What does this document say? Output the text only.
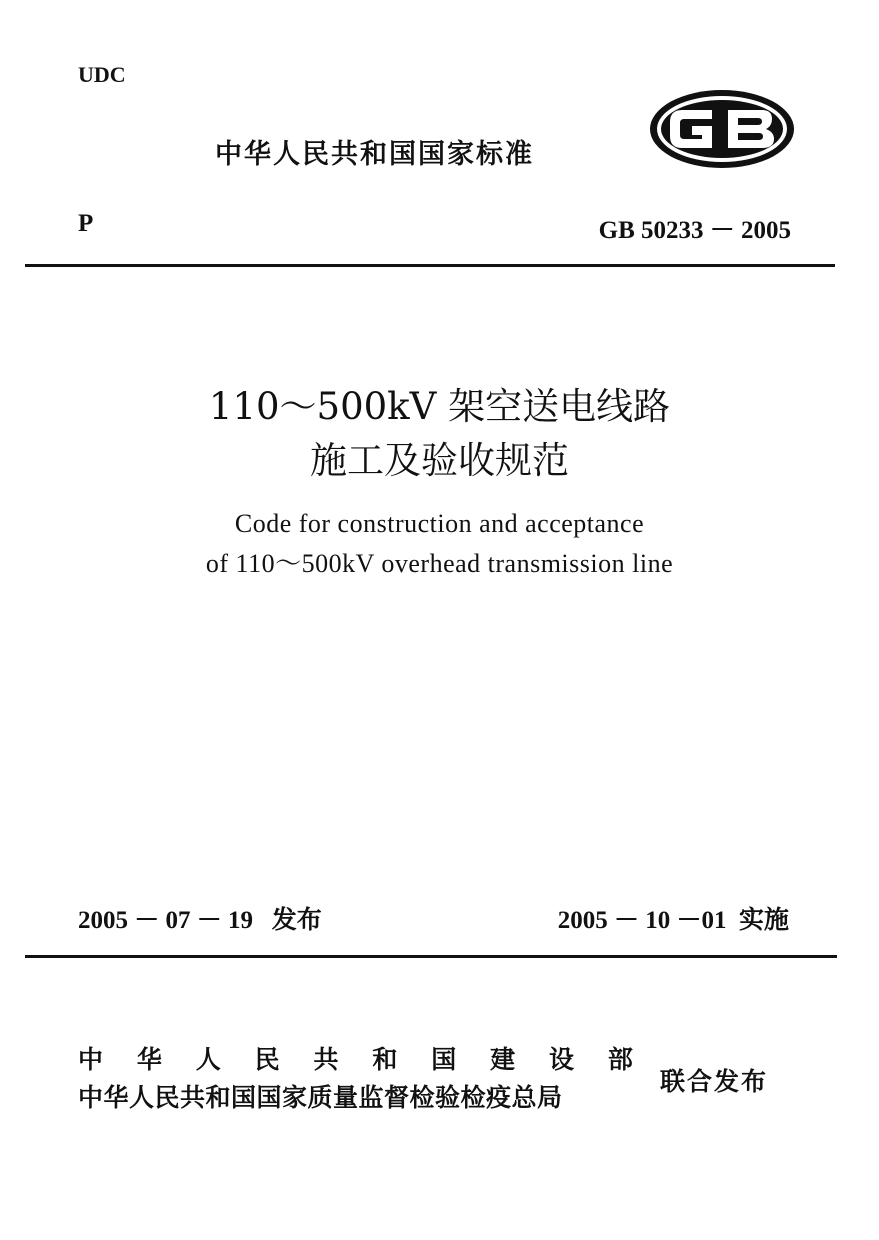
UDC
中华人民共和国国家标准
P	GB 50233 － 2005
110～500kV 架空送电线路
施工及验收规范
Code for construction and acceptance
of 110～500kV overhead transmission line
2005 － 07 － 19 发布	2005 － 10 －01 实施
中 华 人 民 共 和 国 建 设 部
中华人民共和国国家质量监督检验检疫总局
联合发布
